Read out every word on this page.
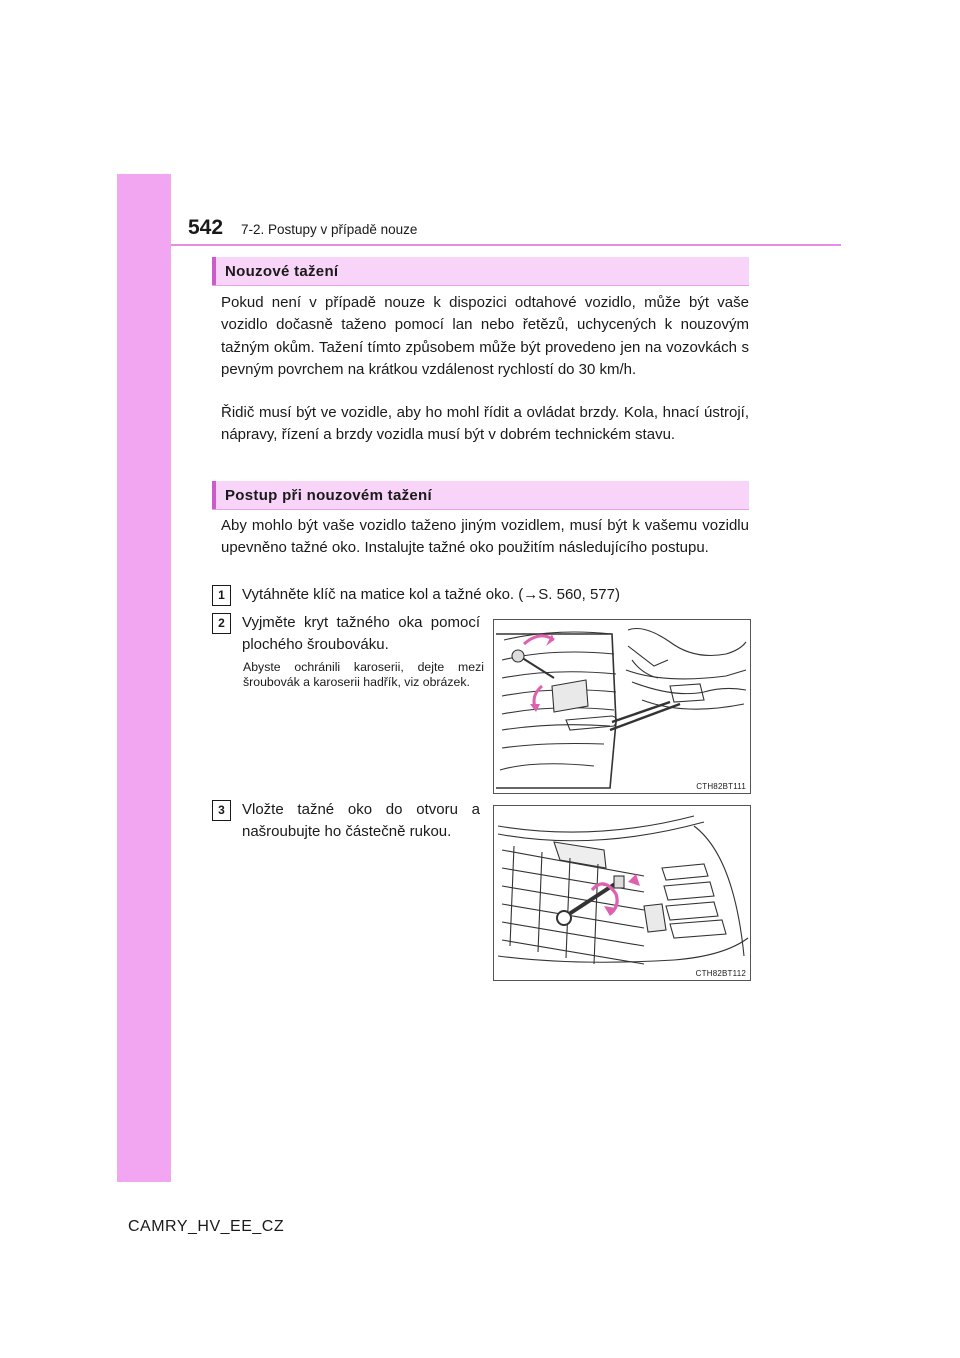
542 7-2. Postupy v případě nouze
Nouzové tažení

Pokud není v případě nouze k dispozici odtahové vozidlo, může být vaše vozidlo dočasně taženo pomocí lan nebo řetězů, uchycených k nouzovým tažným okům. Tažení tímto způsobem může být provedeno jen na vozovkách s pevným povrchem na krátkou vzdálenost rychlostí do 30 km/h.

Řidič musí být ve vozidle, aby ho mohl řídit a ovládat brzdy. Kola, hnací ústrojí, nápravy, řízení a brzdy vozidla musí být v dobrém technickém stavu.

Postup při nouzovém tažení

Aby mohlo být vaše vozidlo taženo jiným vozidlem, musí být k vašemu vozidlu upevněno tažné oko. Instalujte tažné oko použitím následujícího postupu.

1	Vytáhněte klíč na matice kol a tažné oko. (→S. 560, 577)

2	Vyjměte kryt tažného oka pomocí plochého šroubováku.

Abyste ochránili karoserii, dejte mezi šroubovák a karoserii hadřík, viz obrázek.

CTH82BT111
3	Vložte tažné oko do otvoru a našroubujte ho částečně rukou.

CTH82BT112
CAMRY_HV_EE_CZ
